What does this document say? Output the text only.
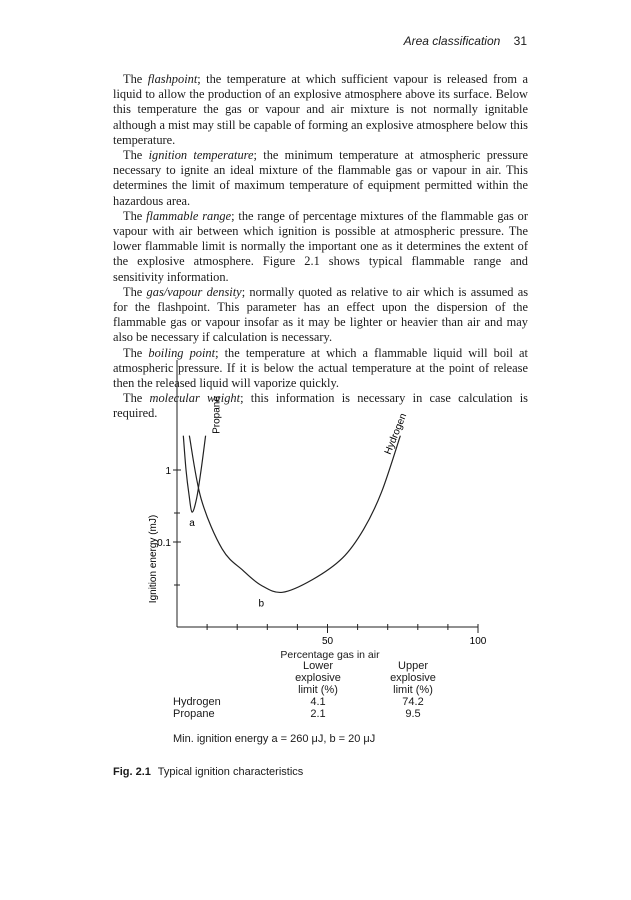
Area classification 31

The flashpoint; the temperature at which sufficient vapour is released from a liquid to allow the production of an explosive atmosphere above its surface. Below this temperature the gas or vapour and air mixture is not normally ignitable although a mist may still be capable of forming an explosive atmosphere below this temperature.

The ignition temperature; the minimum temperature at atmospheric pressure necessary to ignite an ideal mixture of the flammable gas or vapour in air. This determines the limit of maximum temperature of equipment permitted within the hazardous area.

The flammable range; the range of percentage mixtures of the flammable gas or vapour with air between which ignition is possible at atmospheric pressure. The lower flammable limit is normally the important one as it determines the extent of the explosive atmosphere. Figure 2.1 shows typical flammable range and sensitivity information.

The gas/vapour density; normally quoted as relative to air which is assumed as for the flashpoint. This parameter has an effect upon the dispersion of the flammable gas or vapour insofar as it may be lighter or heavier than air and may also be necessary if calculation is necessary.

The boiling point; the temperature at which a flammable liquid will boil at atmospheric pressure. If it is below the actual temperature at the point of release then the released liquid will vaporize quickly.

The molecular weight; this information is necessary in case calculation is required.

Ignition energy (mJ)
1
0.1
50	100
Propane	Hydrogen
a
b
Percentage gas in air
Lower
explosive
limit (%)
Upper
explosive
limit (%)
Hydrogen	4.1	74.2
Propane	2.1	9.5
Min. ignition energy a = 260 μJ, b = 20 μJ
Fig. 2.1 Typical ignition characteristics
